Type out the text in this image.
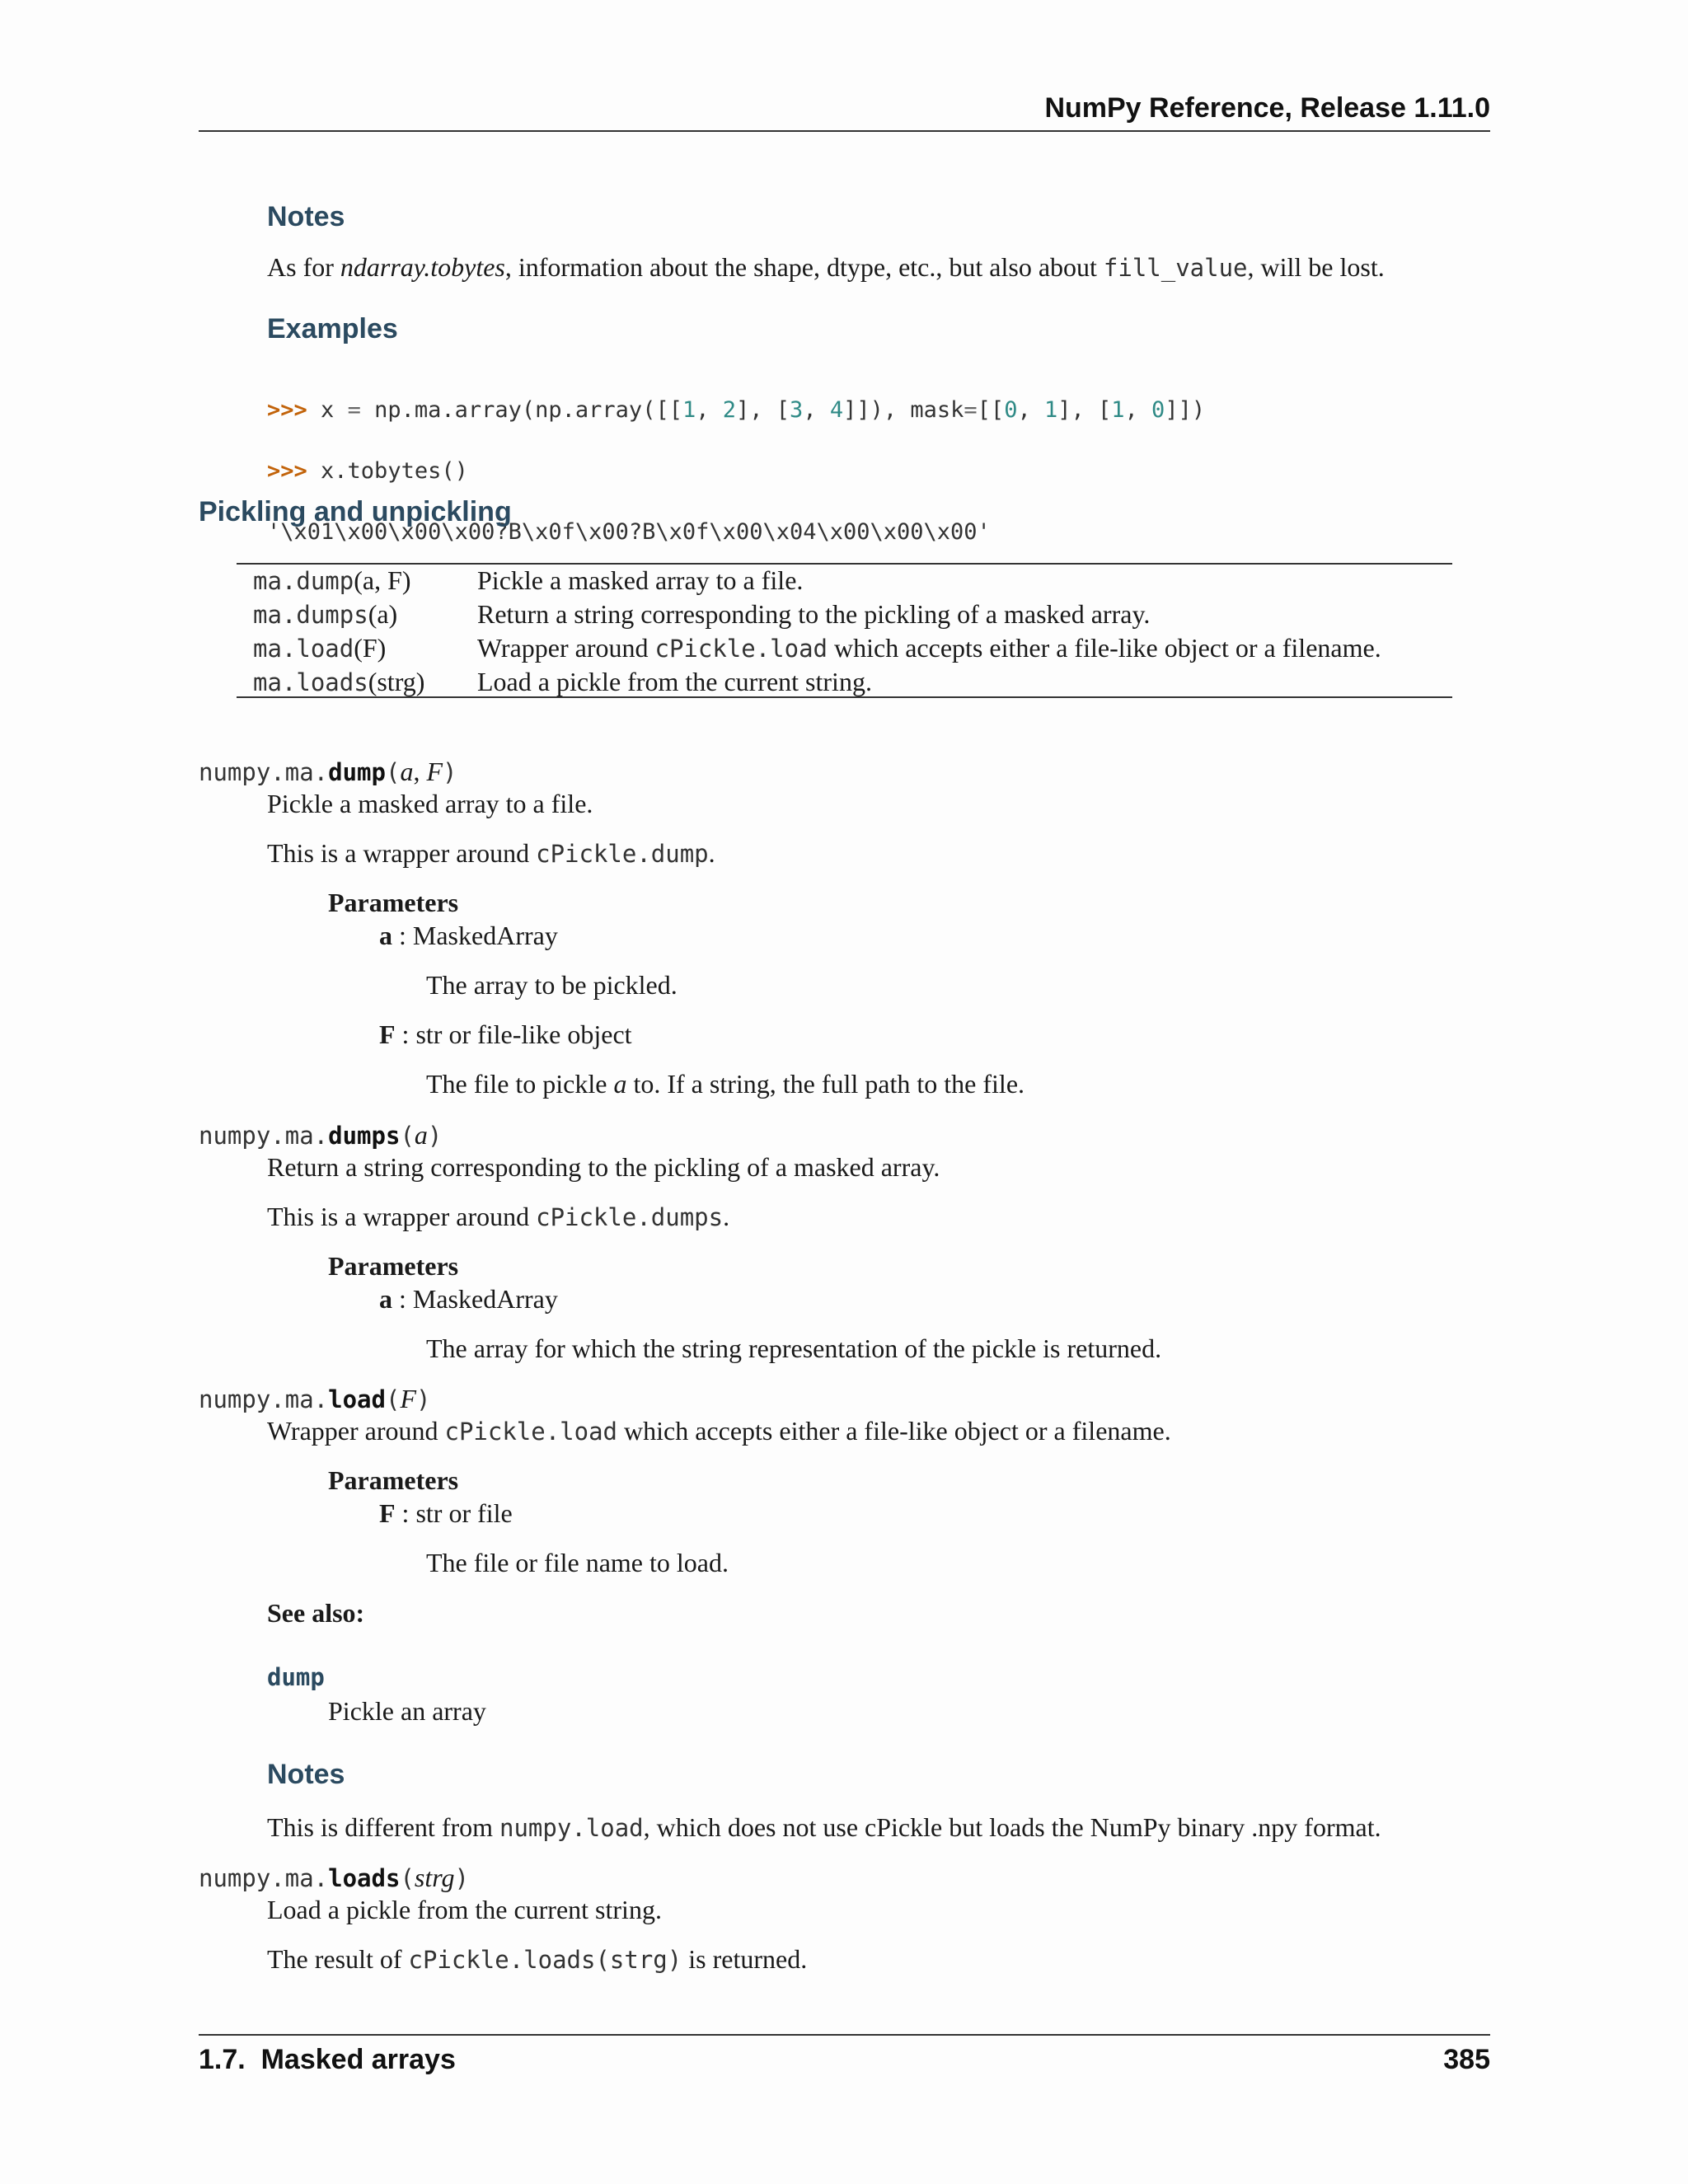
NumPy Reference, Release 1.11.0
Notes
As for ndarray.tobytes, information about the shape, dtype, etc., but also about fill_value, will be lost.
Examples

>>> x = np.ma.array(np.array([[1, 2], [3, 4]]), mask=[[0, 1], [1, 0]])

>>> x.tobytes()

'\x01\x00\x00\x00?B\x0f\x00?B\x0f\x00\x04\x00\x00\x00'

Pickling and unpickling
ma.dump(a, F)	Pickle a masked array to a file.
ma.dumps(a)	Return a string corresponding to the pickling of a masked array.
ma.load(F)	Wrapper around cPickle.load which accepts either a file-like object or a filename.
ma.loads(strg)	Load a pickle from the current string.
numpy.ma.dump(a, F)
Pickle a masked array to a file.
This is a wrapper around cPickle.dump.
Parameters
a : MaskedArray
The array to be pickled.
F : str or file-like object
The file to pickle a to. If a string, the full path to the file.
numpy.ma.dumps(a)
Return a string corresponding to the pickling of a masked array.
This is a wrapper around cPickle.dumps.
Parameters
a : MaskedArray
The array for which the string representation of the pickle is returned.
numpy.ma.load(F)
Wrapper around cPickle.load which accepts either a file-like object or a filename.
Parameters
F : str or file
The file or file name to load.
See also:
dump
Pickle an array
Notes
This is different from numpy.load, which does not use cPickle but loads the NumPy binary .npy format.
numpy.ma.loads(strg)
Load a pickle from the current string.
The result of cPickle.loads(strg) is returned.
1.7.  Masked arrays	385
